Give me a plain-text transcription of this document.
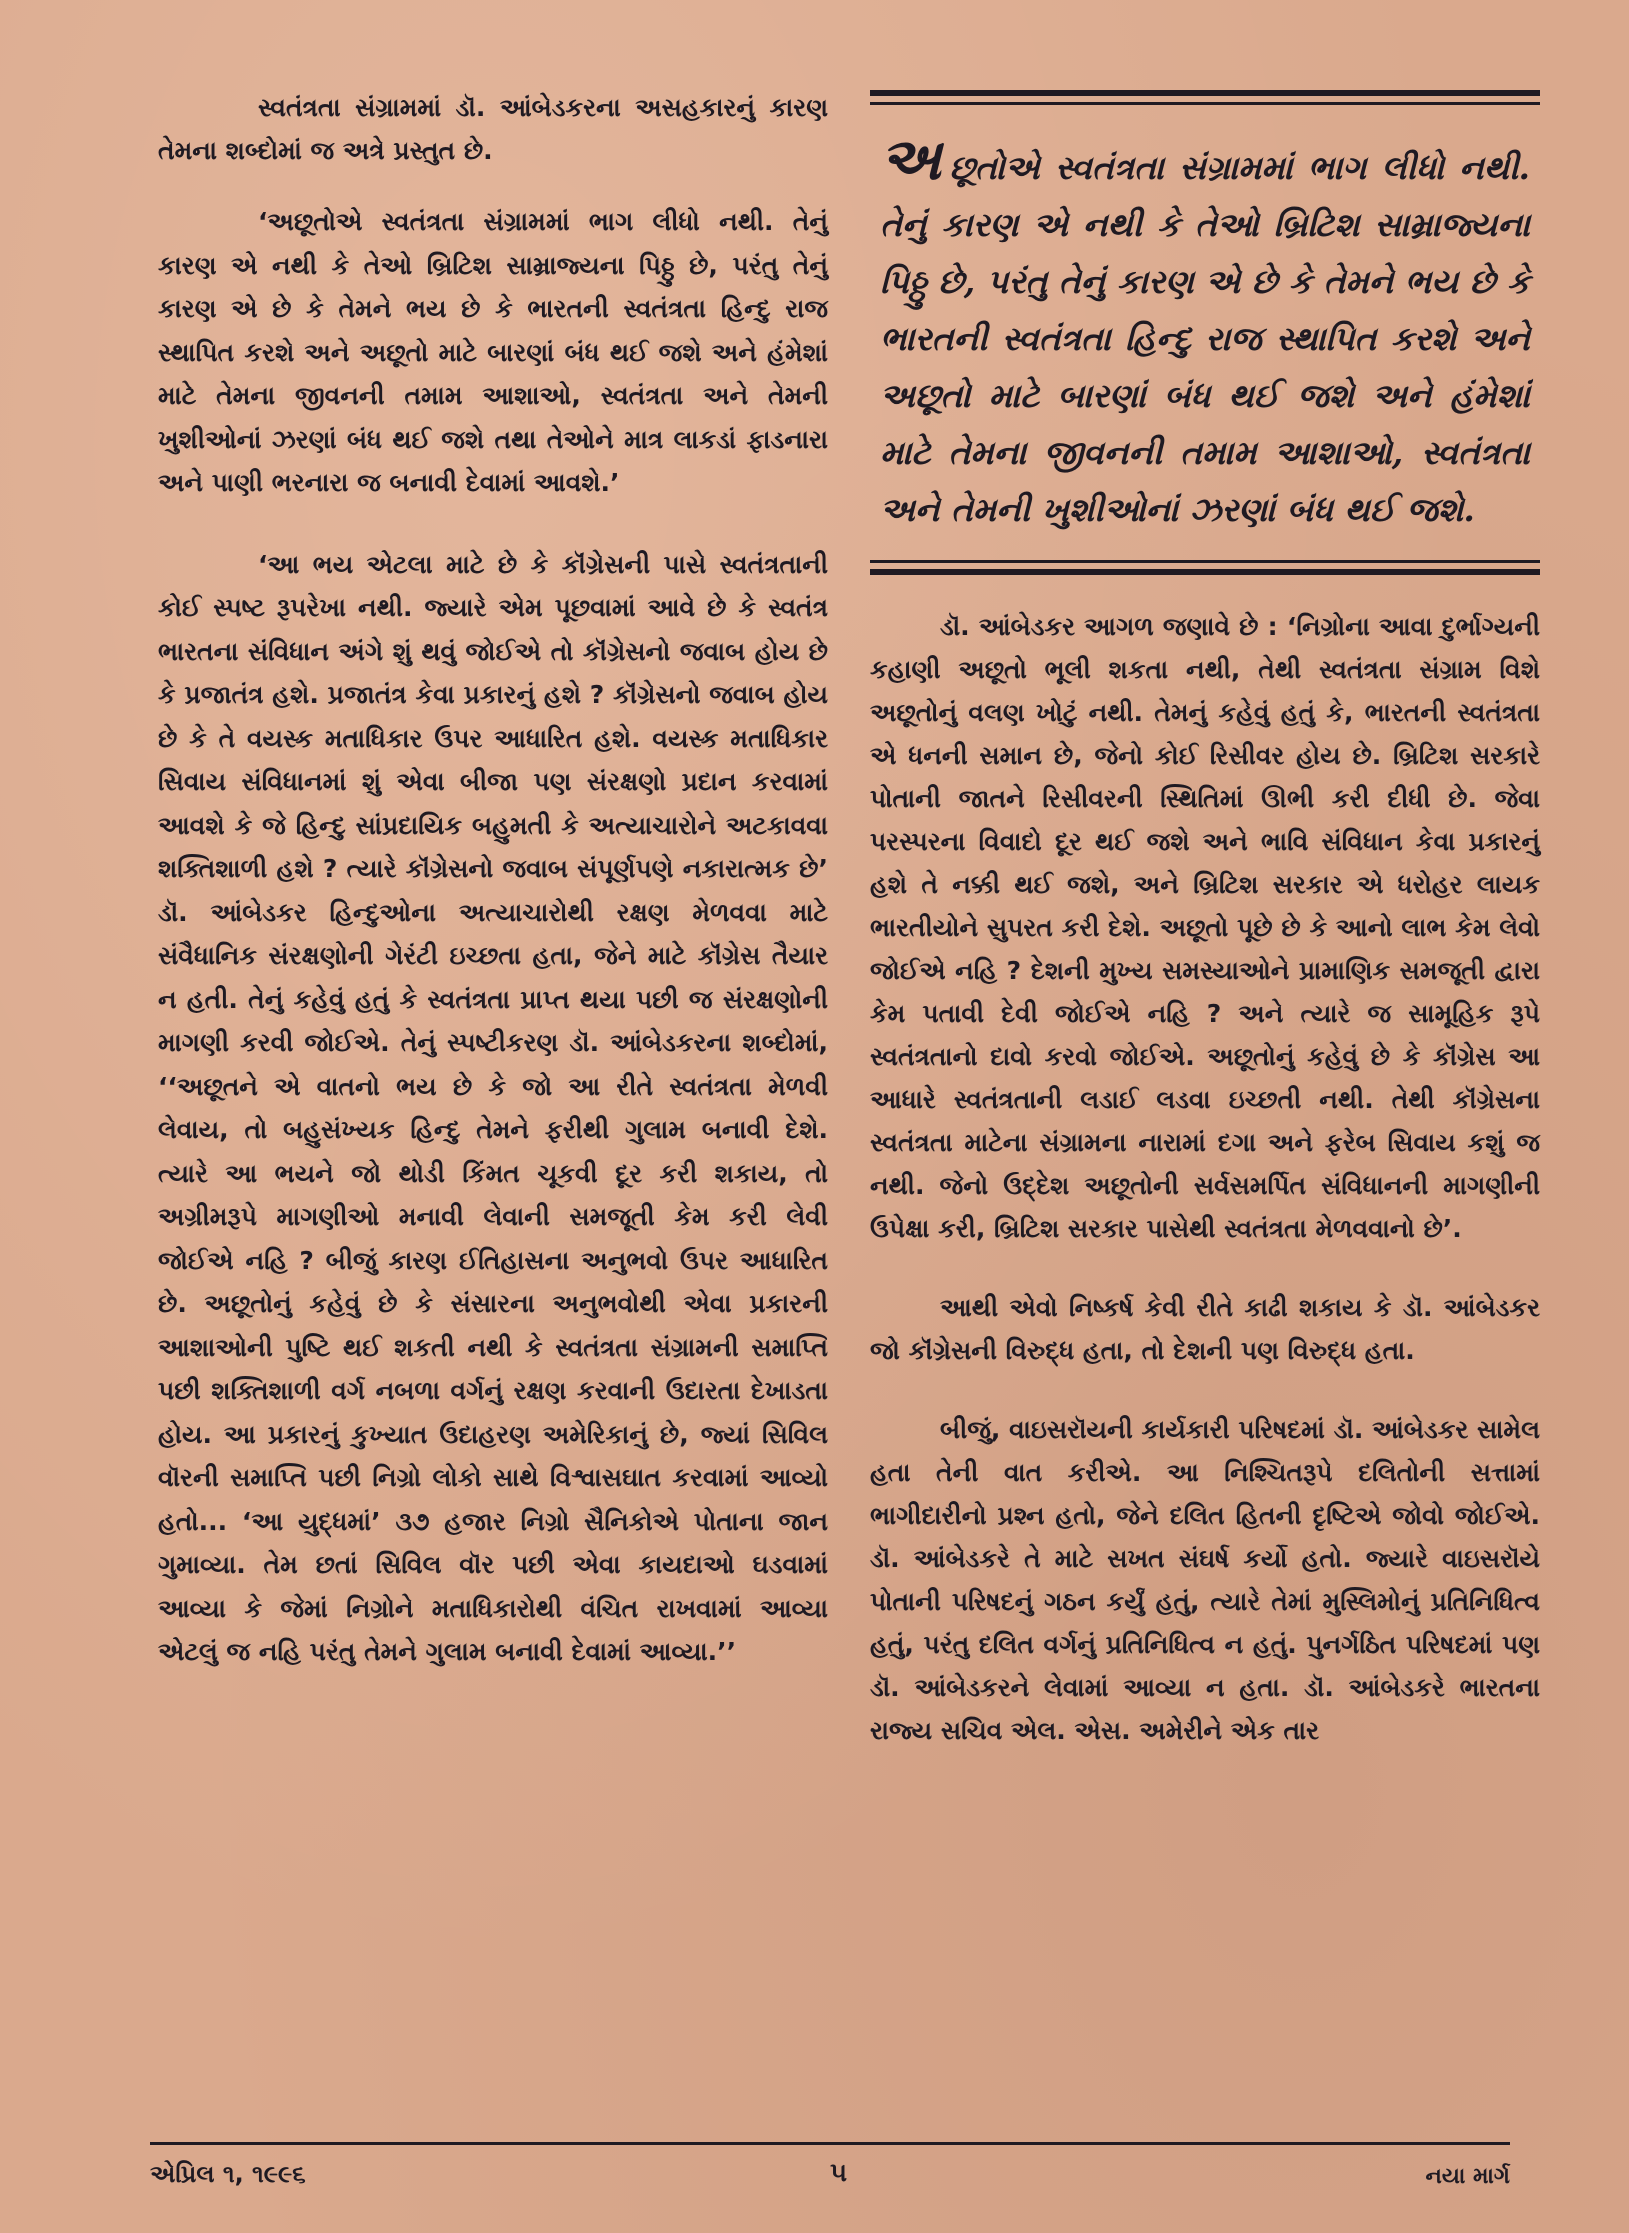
સ્વતંત્રતા સંગ્રામમાં ડૉ. આંબેડકરના અસહકારનું કારણ તેમના શબ્દોમાં જ અત્રે પ્રસ્તુત છે.

‘અછૂતોએ સ્વતંત્રતા સંગ્રામમાં ભાગ લીધો નથી. તેનું કારણ એ નથી કે તેઓ બ્રિટિશ સામ્રાજ્યના પિઠ્ઠુ છે, પરંતુ તેનું કારણ એ છે કે તેમને ભય છે કે ભારતની સ્વતંત્રતા હિન્દુ રાજ સ્થાપિત કરશે અને અછૂતો માટે બારણાં બંધ થઈ જશે અને હંમેશાં માટે તેમના જીવનની તમામ આશાઓ, સ્વતંત્રતા અને તેમની ખુશીઓનાં ઝરણાં બંધ થઈ જશે તથા તેઓને માત્ર લાકડાં ફાડનારા અને પાણી ભરનારા જ બનાવી દેવામાં આવશે.’

‘આ ભય એટલા માટે છે કે કૉંગ્રેસની પાસે સ્વતંત્રતાની કોઈ સ્પષ્ટ રૂપરેખા નથી. જ્યારે એમ પૂછવામાં આવે છે કે સ્વતંત્ર ભારતના સંવિધાન અંગે શું થવું જોઈએ તો કૉંગ્રેસનો જવાબ હોય છે કે પ્રજાતંત્ર હશે. પ્રજાતંત્ર કેવા પ્રકારનું હશે ? કૉંગ્રેસનો જવાબ હોય છે કે તે વયસ્ક મતાધિકાર ઉપર આધારિત હશે. વયસ્ક મતાધિકાર સિવાય સંવિધાનમાં શું એવા બીજા પણ સંરક્ષણો પ્રદાન કરવામાં આવશે કે જે હિન્દુ સાંપ્રદાયિક બહુમતી કે અત્યાચારોને અટકાવવા શક્તિશાળી હશે ? ત્યારે કૉંગ્રેસનો જવાબ સંપૂર્ણપણે નકારાત્મક છે’ ડૉ. આંબેડકર હિન્દુઓના અત્યાચારોથી રક્ષણ મેળવવા માટે સંવૈધાનિક સંરક્ષણોની ગેરંટી ઇચ્છતા હતા, જેને માટે કૉંગ્રેસ તૈયાર ન હતી. તેનું કહેવું હતું કે સ્વતંત્રતા પ્રાપ્ત થયા પછી જ સંરક્ષણોની માગણી કરવી જોઈએ. તેનું સ્પષ્ટીકરણ ડૉ. આંબેડકરના શબ્દોમાં, ‘‘અછૂતને એ વાતનો ભય છે કે જો આ રીતે સ્વતંત્રતા મેળવી લેવાય, તો બહુસંખ્યક હિન્દુ તેમને ફરીથી ગુલામ બનાવી દેશે. ત્યારે આ ભયને જો થોડી કિંમત ચૂકવી દૂર કરી શકાય, તો અગ્રીમરૂપે માગણીઓ મનાવી લેવાની સમજૂતી કેમ કરી લેવી જોઈએ નહિ ? બીજું કારણ ઈતિહાસના અનુભવો ઉપર આધારિત છે. અછૂતોનું કહેવું છે કે સંસારના અનુભવોથી એવા પ્રકારની આશાઓની પુષ્ટિ થઈ શકતી નથી કે સ્વતંત્રતા સંગ્રામની સમાપ્તિ પછી શક્તિશાળી વર્ગ નબળા વર્ગનું રક્ષણ કરવાની ઉદારતા દેખાડતા હોય. આ પ્રકારનું કુખ્યાત ઉદાહરણ અમેરિકાનું છે, જ્યાં સિવિલ વૉરની સમાપ્તિ પછી નિગ્રો લોકો સાથે વિશ્વાસઘાત કરવામાં આવ્યો હતો... ‘આ યુદ્ધમાં’ ૩૭ હજાર નિગ્રો સૈનિકોએ પોતાના જાન ગુમાવ્યા. તેમ છતાં સિવિલ વૉર પછી એવા કાયદાઓ ઘડવામાં આવ્યા કે જેમાં નિગ્રોને મતાધિકારોથી વંચિત રાખવામાં આવ્યા એટલું જ નહિ પરંતુ તેમને ગુલામ બનાવી દેવામાં આવ્યા.’’

અછૂતોએ સ્વતંત્રતા સંગ્રામમાં ભાગ લીધો નથી. તેનું કારણ એ નથી કે તેઓ બ્રિટિશ સામ્રાજ્યના પિઠ્ઠુ છે, પરંતુ તેનું કારણ એ છે કે તેમને ભય છે કે ભારતની સ્વતંત્રતા હિન્દુ રાજ સ્થાપિત કરશે અને અછૂતો માટે બારણાં બંધ થઈ જશે અને હંમેશાં માટે તેમના જીવનની તમામ આશાઓ, સ્વતંત્રતા અને તેમની ખુશીઓનાં ઝરણાં બંધ થઈ જશે.

ડૉ. આંબેડકર આગળ જણાવે છે : ‘નિગ્રોના આવા દુર્ભાગ્યની કહાણી અછૂતો ભૂલી શકતા નથી, તેથી સ્વતંત્રતા સંગ્રામ વિશે અછૂતોનું વલણ ખોટું નથી. તેમનું કહેવું હતું કે, ભારતની સ્વતંત્રતા એ ધનની સમાન છે, જેનો કોઈ રિસીવર હોય છે. બ્રિટિશ સરકારે પોતાની જાતને રિસીવરની સ્થિતિમાં ઊભી કરી દીધી છે. જેવા પરસ્પરના વિવાદો દૂર થઈ જશે અને ભાવિ સંવિધાન કેવા પ્રકારનું હશે તે નક્કી થઈ જશે, અને બ્રિટિશ સરકાર એ ધરોહર લાયક ભારતીયોને સુપરત કરી દેશે. અછૂતો પૂછે છે કે આનો લાભ કેમ લેવો જોઈએ નહિ ? દેશની મુખ્ય સમસ્યાઓને પ્રામાણિક સમજૂતી દ્વારા કેમ પતાવી દેવી જોઈએ નહિ ? અને ત્યારે જ સામૂહિક રૂપે સ્વતંત્રતાનો દાવો કરવો જોઈએ. અછૂતોનું કહેવું છે કે કૉંગ્રેસ આ આધારે સ્વતંત્રતાની લડાઈ લડવા ઇચ્છતી નથી. તેથી કૉંગ્રેસના સ્વતંત્રતા માટેના સંગ્રામના નારામાં દગા અને ફરેબ સિવાય કશું જ નથી. જેનો ઉદ્દેશ અછૂતોની સર્વસમર્પિત સંવિધાનની માગણીની ઉપેક્ષા કરી, બ્રિટિશ સરકાર પાસેથી સ્વતંત્રતા મેળવવાનો છે’.

આથી એવો નિષ્કર્ષ કેવી રીતે કાઢી શકાય કે ડૉ. આંબેડકર જો કૉંગ્રેસની વિરુદ્ધ હતા, તો દેશની પણ વિરુદ્ધ હતા.

બીજું, વાઇસરૉયની કાર્યકારી પરિષદમાં ડૉ. આંબેડકર સામેલ હતા તેની વાત કરીએ. આ નિશ્ચિતરૂપે દલિતોની સત્તામાં ભાગીદારીનો પ્રશ્ન હતો, જેને દલિત હિતની દૃષ્ટિએ જોવો જોઈએ. ડૉ. આંબેડકરે તે માટે સખત સંઘર્ષ કર્યો હતો. જ્યારે વાઇસરૉયે પોતાની પરિષદનું ગઠન કર્યું હતું, ત્યારે તેમાં મુસ્લિમોનું પ્રતિનિધિત્વ હતું, પરંતુ દલિત વર્ગનું પ્રતિનિધિત્વ ન હતું. પુનર્ગઠિત પરિષદમાં પણ ડૉ. આંબેડકરને લેવામાં આવ્યા ન હતા. ડૉ. આંબેડકરે ભારતના રાજ્ય સચિવ એલ. એસ. અમેરીને એક તાર

એપ્રિલ ૧, ૧૯૯૬	૫	નયા માર્ગ
